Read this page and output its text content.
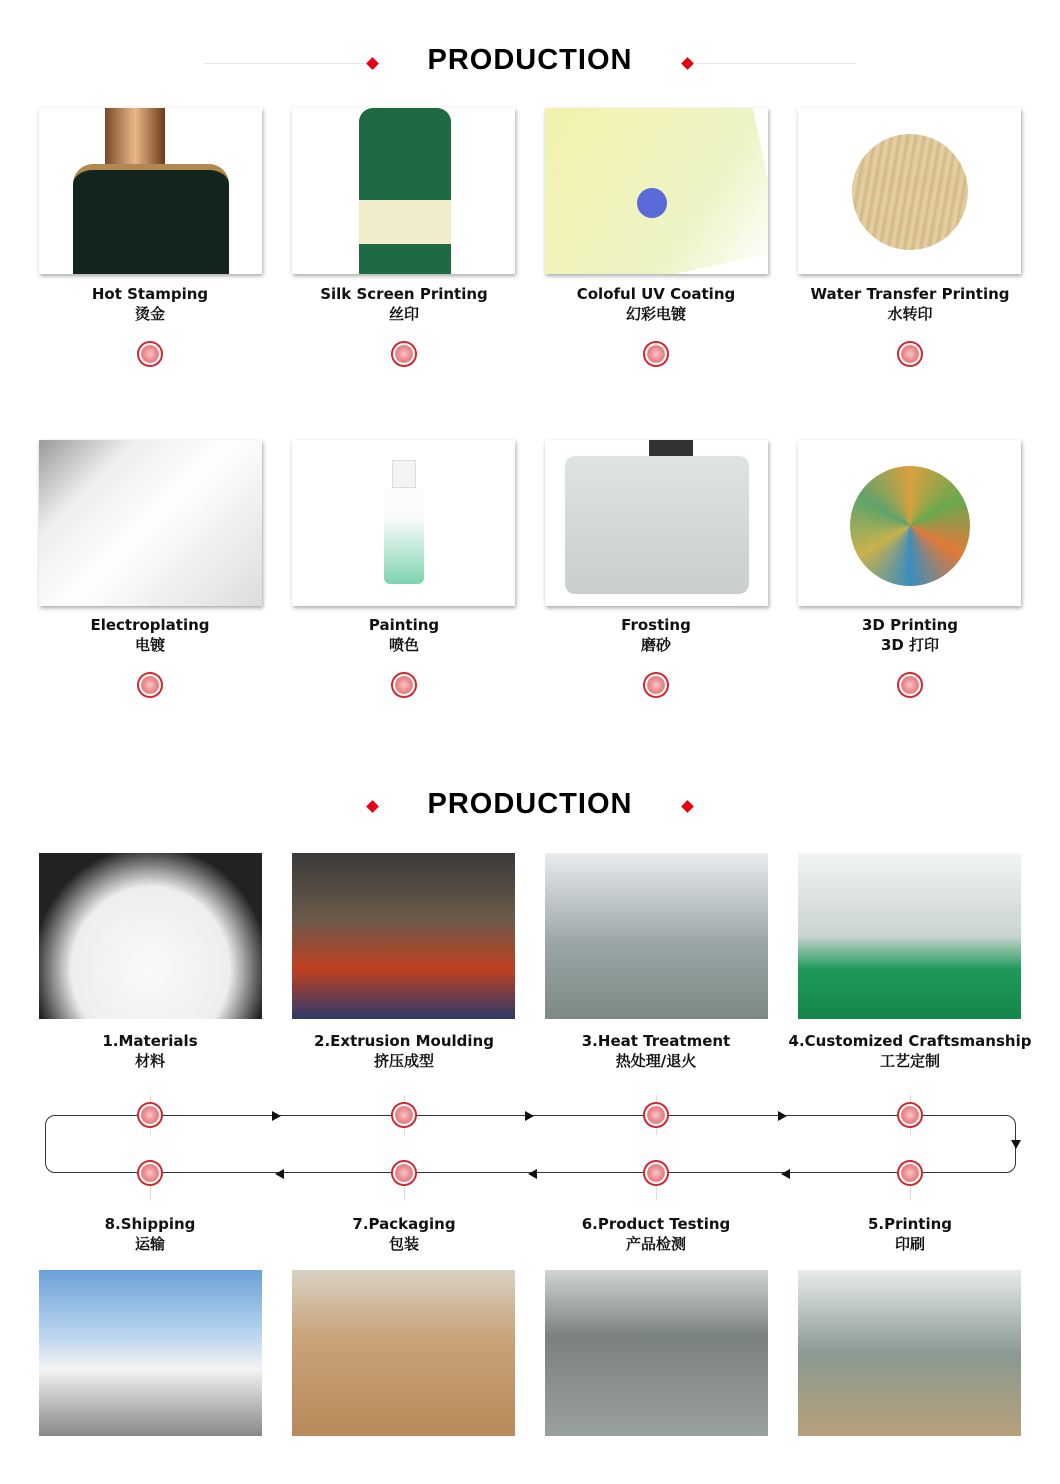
PRODUCTION
Hot Stamping
烫金
Silk Screen Printing
丝印
Coloful UV Coating
幻彩电镀
Water Transfer Printing
水转印
Electroplating
电镀
Painting
喷色
Frosting
磨砂
3D Printing
3D 打印
PRODUCTION
1.Materials
材料
8.Shipping
运输
2.Extrusion Moulding
挤压成型
7.Packaging
包装
3.Heat Treatment
热处理/退火
6.Product Testing
产品检测
4.Customized Craftsmanship
工艺定制
5.Printing
印刷
